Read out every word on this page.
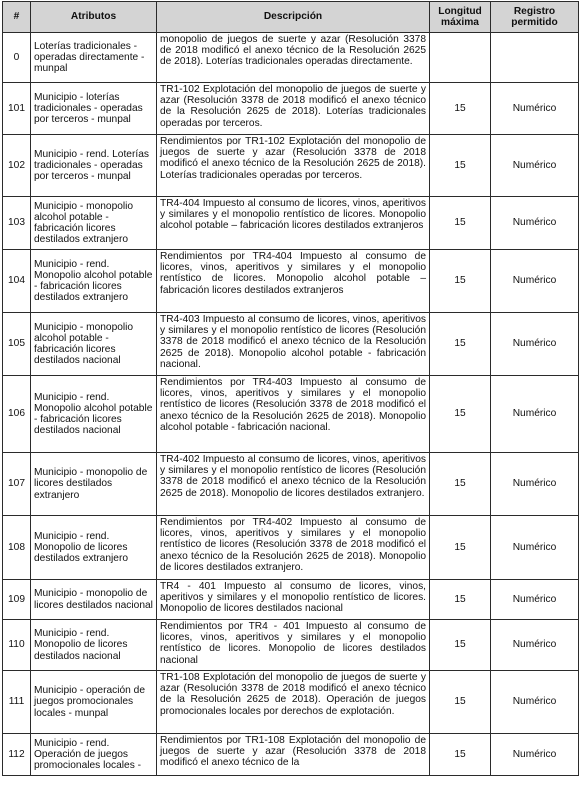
#	Atributos	Descripción	Longitud máxima	Registro permitido
0	Loterías tradicionales - operadas directamente - munpal	monopolio de juegos de suerte y azar (Resolución 3378 de 2018 modificó el anexo técnico de la Resolución 2625 de 2018). Loterías tradicionales operadas directamente.		
101	Municipio - loterías tradicionales - operadas por terceros - munpal	TR1-102 Explotación del monopolio de juegos de suerte y azar (Resolución 3378 de 2018 modificó el anexo técnico de la Resolución 2625 de 2018). Loterías tradicionales operadas por terceros.	15	Numérico
102	Municipio - rend. Loterías tradicionales - operadas por terceros - munpal	Rendimientos por TR1-102 Explotación del monopolio de juegos de suerte y azar (Resolución 3378 de 2018 modificó el anexo técnico de la Resolución 2625 de 2018). Loterías tradicionales operadas por terceros.	15	Numérico
103	Municipio - monopolio alcohol potable - fabricación licores destilados extranjero	TR4-404 Impuesto al consumo de licores, vinos, aperitivos y similares y el monopolio rentístico de licores. Monopolio alcohol potable – fabricación licores destilados extranjeros	15	Numérico
104	Municipio - rend. Monopolio alcohol potable - fabricación licores destilados extranjero	Rendimientos por TR4-404 Impuesto al consumo de licores, vinos, aperitivos y similares y el monopolio rentístico de licores. Monopolio alcohol potable – fabricación licores destilados extranjeros	15	Numérico
105	Municipio - monopolio alcohol potable - fabricación licores destilados nacional	TR4-403 Impuesto al consumo de licores, vinos, aperitivos y similares y el monopolio rentístico de licores (Resolución 3378 de 2018 modificó el anexo técnico de la Resolución 2625 de 2018). Monopolio alcohol potable - fabricación nacional.	15	Numérico
106	Municipio - rend. Monopolio alcohol potable - fabricación licores destilados nacional	Rendimientos por TR4-403 Impuesto al consumo de licores, vinos, aperitivos y similares y el monopolio rentístico de licores (Resolución 3378 de 2018 modificó el anexo técnico de la Resolución 2625 de 2018). Monopolio alcohol potable - fabricación nacional.	15	Numérico
107	Municipio - monopolio de licores destilados extranjero	TR4-402 Impuesto al consumo de licores, vinos, aperitivos y similares y el monopolio rentístico de licores (Resolución 3378 de 2018 modificó el anexo técnico de la Resolución 2625 de 2018). Monopolio de licores destilados extranjero.	15	Numérico
108	Municipio - rend. Monopolio de licores destilados extranjero	Rendimientos por TR4-402 Impuesto al consumo de licores, vinos, aperitivos y similares y el monopolio rentístico de licores (Resolución 3378 de 2018 modificó el anexo técnico de la Resolución 2625 de 2018). Monopolio de licores destilados extranjero.	15	Numérico
109	Municipio - monopolio de licores destilados nacional	TR4 - 401 Impuesto al consumo de licores, vinos, aperitivos y similares y el monopolio rentístico de licores. Monopolio de licores destilados nacional	15	Numérico
110	Municipio - rend. Monopolio de licores destilados nacional	Rendimientos por TR4 - 401 Impuesto al consumo de licores, vinos, aperitivos y similares y el monopolio rentístico de licores. Monopolio de licores destilados nacional	15	Numérico
111	Municipio - operación de juegos promocionales locales - munpal	TR1-108 Explotación del monopolio de juegos de suerte y azar (Resolución 3378 de 2018 modificó el anexo técnico de la Resolución 2625 de 2018). Operación de juegos promocionales locales por derechos de explotación.	15	Numérico
112	Municipio - rend. Operación de juegos promocionales locales -	Rendimientos por TR1-108 Explotación del monopolio de juegos de suerte y azar (Resolución 3378 de 2018 modificó el anexo técnico de la	15	Numérico
